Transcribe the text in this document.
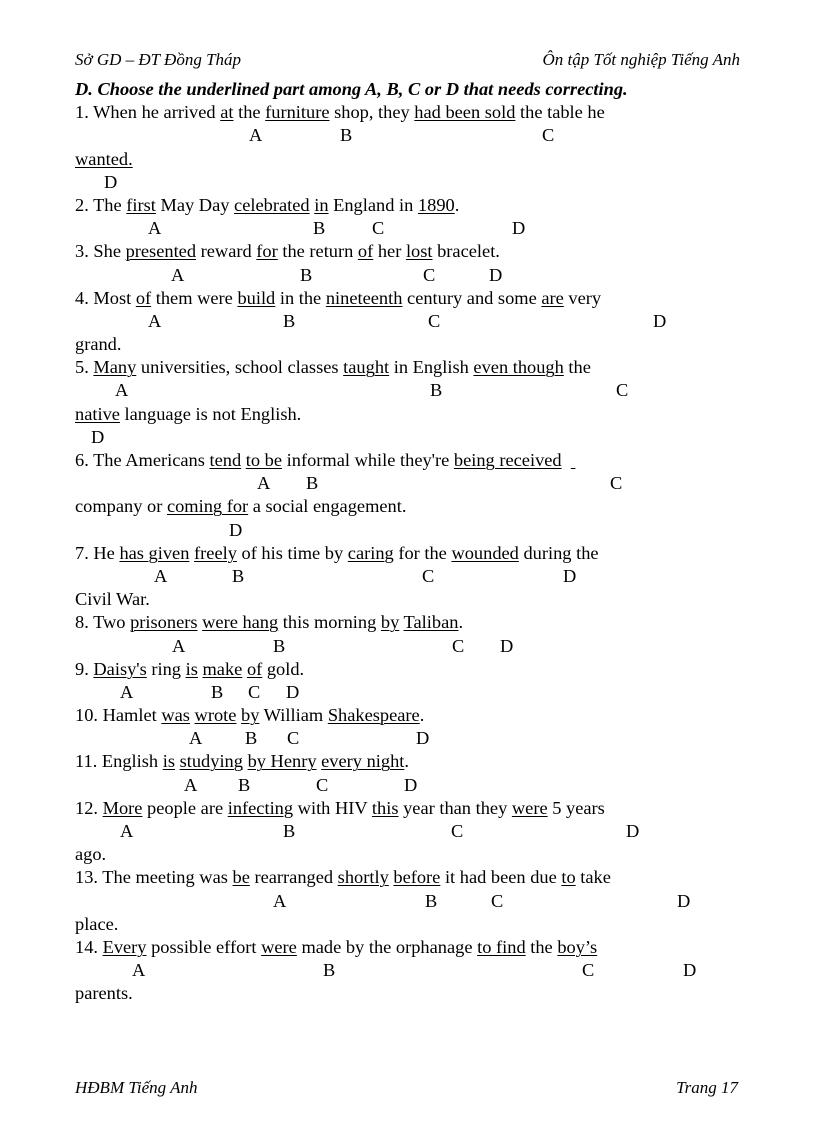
Sở GD – ĐT Đồng Tháp	Ôn tập Tốt nghiệp Tiếng Anh
D. Choose the underlined part among A, B, C or D that needs correcting.
1. When he arrived at the furniture shop, they had been sold the table he
A	B	C
wanted.
D
2. The first May Day celebrated in England in 1890.
A	B	C	D
3. She presented reward for the return of her lost bracelet.
A	B	C	D
4. Most of them were build in the nineteenth century and some are very
A	B	C	D
grand.
5. Many universities, school classes taught in English even though the
A	B	C
native language is not English.
D
6. The Americans tend to be informal while they're being received
A B	C
company or coming for a social engagement.
D
7. He has given freely of his time by caring for the wounded during the
A	B	C	D
Civil War.
8. Two prisoners were hang this morning by Taliban.
A	B	C D
9. Daisy's ring is make of gold.
A	B C D
10. Hamlet was wrote by William Shakespeare.
A B C	D
11. English is studying by Henry every night.
A B	C	D
12. More people are infecting with HIV this year than they were 5 years
A	B	C	D
ago.
13. The meeting was be rearranged shortly before it had been due to take
A	B	C	D
place.
14. Every possible effort were made by the orphanage to find the boy’s
A	B	C	D
parents.
HĐBM Tiếng Anh	Trang 17
